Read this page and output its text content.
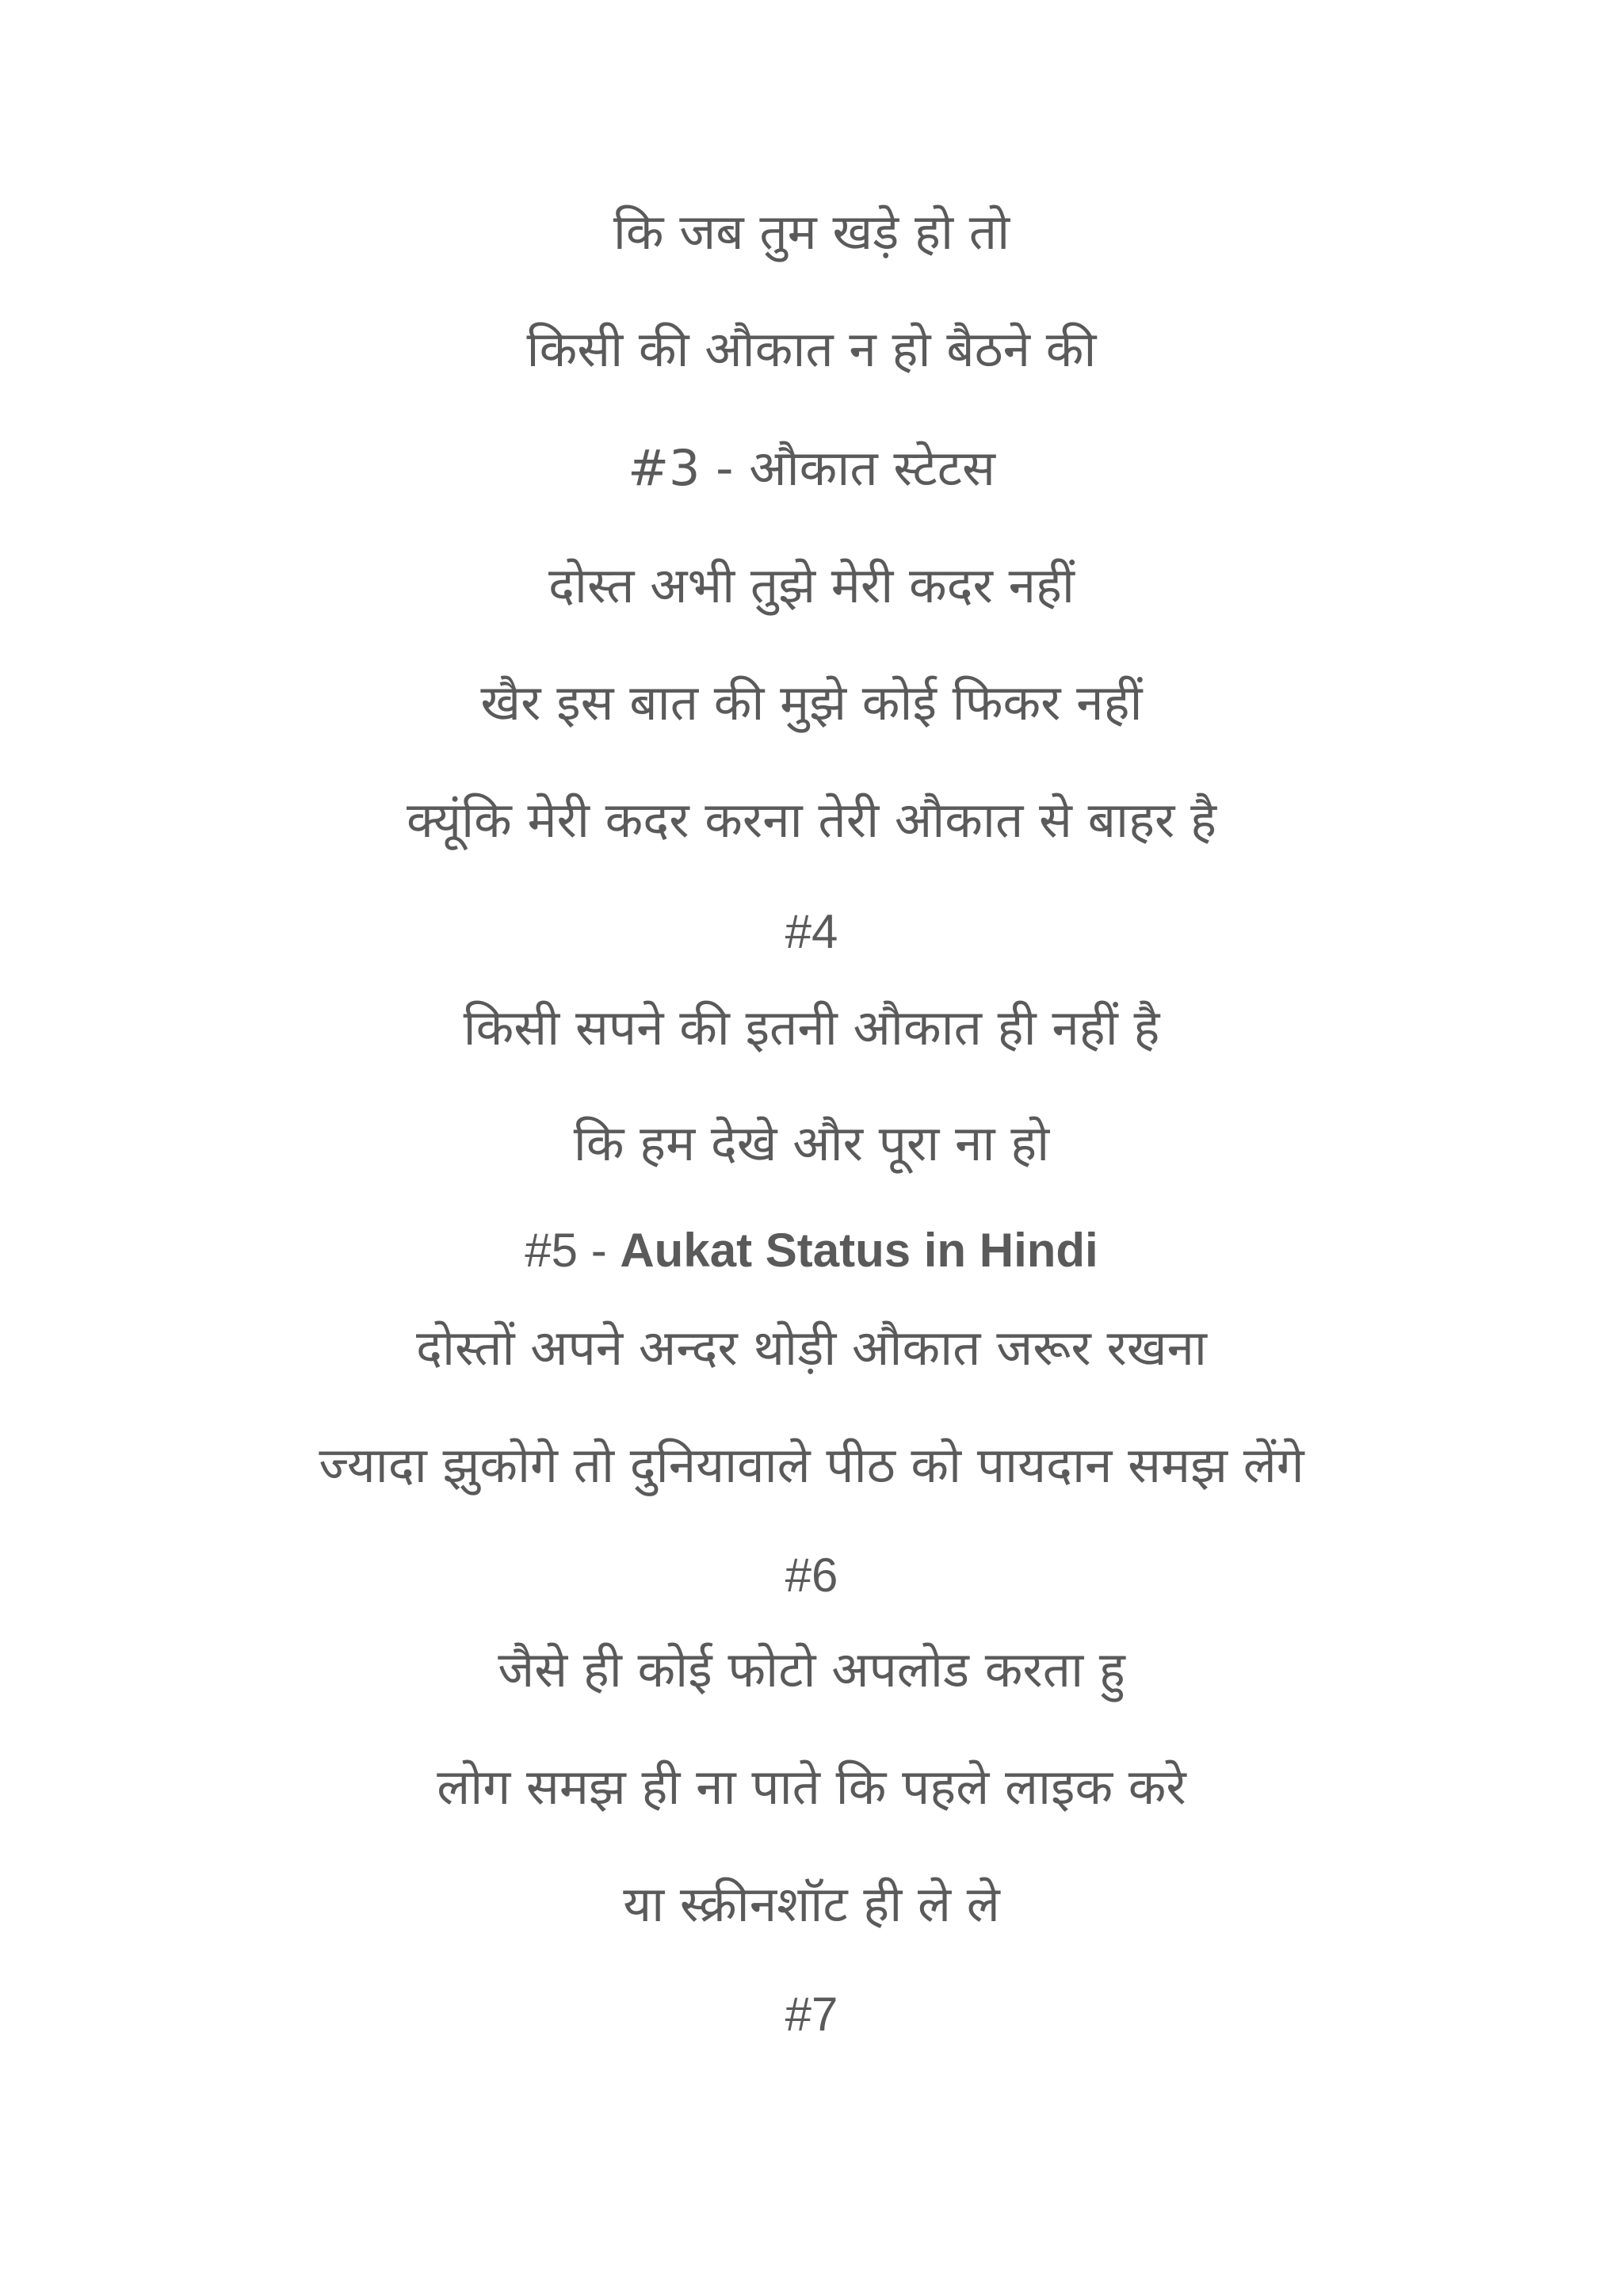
कि जब तुम खड़े हो तो
किसी की औकात न हो बैठने की
#3 - औकात स्टेटस
दोस्त अभी तुझे मेरी कदर नहीं
खैर इस बात की मुझे कोई फिकर नहीं
क्यूंकि मेरी कदर करना तेरी औकात से बाहर है
#4
किसी सपने की इतनी औकात ही नहीं है
कि हम देखे और पूरा ना हो
#5 - Aukat Status in Hindi
दोस्तों अपने अन्दर थोड़ी औकात जरूर रखना
ज्यादा झुकोगे तो दुनियावाले पीठ को पायदान समझ लेंगे
#6
जैसे ही कोई फोटो अपलोड करता हु
लोग समझ ही ना पाते कि पहले लाइक करे
या स्क्रीनशॉट ही ले ले
#7
